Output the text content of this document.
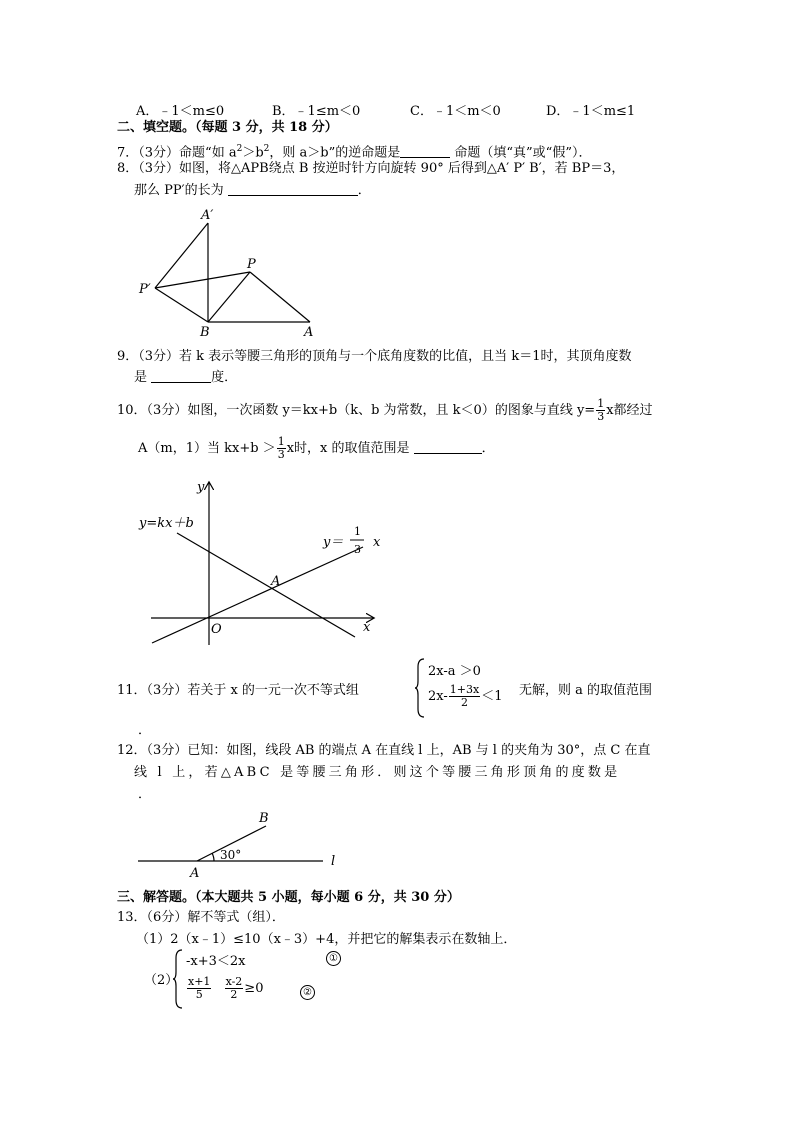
A．﹣1＜m≤0	B．﹣1≤m＜0	C．﹣1＜m＜0	D．﹣1＜m≤1
二、填空题。（每题 3 分，共 18 分）
7．（3分）命题“如 $a^2>b^2$，则 a＞b”的逆命题是	命题（填“真”或“假”）．
8．（3分）如图，将△APB绕点 B 按逆时针方向旋转 90° 后得到△A′ P′ B′，若 BP＝3，
那么 PP′的长为	．
A′
P
P′
B	A
9．（3分）若 k 表示等腰三角形的顶角与一个底角度数的比值，且当 k＝1时，其顶角度数
是	度．
10．（3分）如图，一次函数 y＝kx+b（k、b 为常数，且 k＜0）的图象与直线 $y= \frac{1}{3}$ x都经过
A（m，1）当 $kx+b > \frac{1}{3}$ x时，x 的取值范围是	．
y
x
O
A
y=kx＋b
y＝
1
3 x
11．（3分）若关于 x 的一元一次不等式组
2x-a ＞0
$2x- \frac{1+3x}{2} <1$ 无解，则 a 的取值范围
．
12．（3分）已知：如图，线段 AB 的端点 A 在直线 l 上，AB 与 l 的夹角为 30°，点 C 在直
线 l 上，若△ABC 是等腰三角形．则这个等腰三角形顶角的度数是
．
B
A
l
30°
三、解答题。（本大题共 5 小题，每小题 6 分，共 30 分）
13．（6分）解不等式（组）．
（1）2（x﹣1）≤10（x﹣3）+4，并把它的解集表示在数轴上．
（2）
-x+3＜2x	①
$\frac{x+1}{5}$
$\frac{x-2}{2} \ge 0$	②
